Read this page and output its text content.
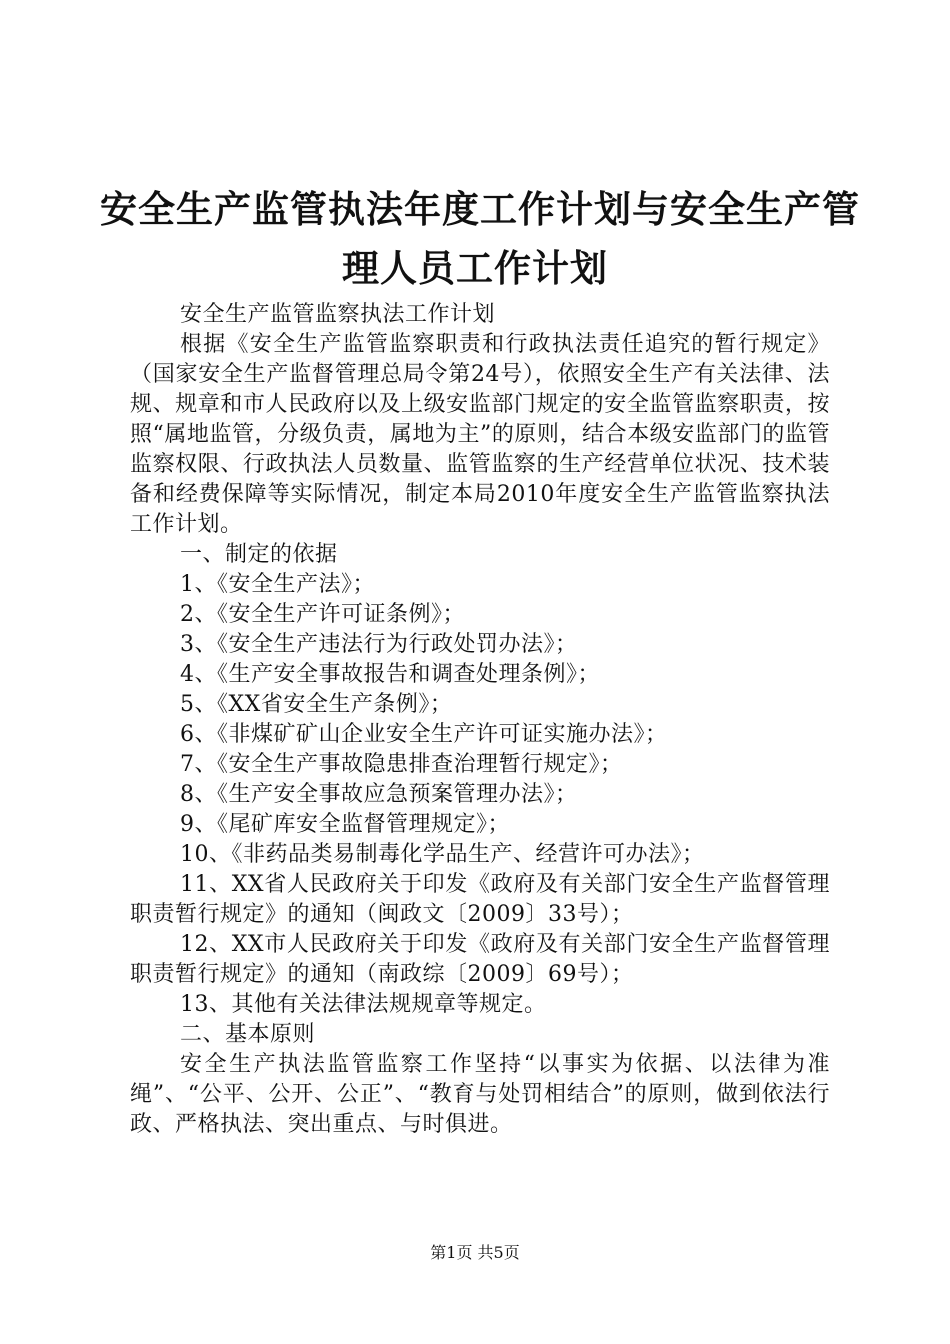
安全生产监管执法年度工作计划与安全生产管
理人员工作计划

安全生产监管监察执法工作计划

根据《安全生产监管监察职责和行政执法责任追究的暂行规定》（国家安全生产监督管理总局令第24号），依照安全生产有关法律、法规、规章和市人民政府以及上级安监部门规定的安全监管监察职责，按照“属地监管，分级负责，属地为主”的原则，结合本级安监部门的监管监察权限、行政执法人员数量、监管监察的生产经营单位状况、技术装备和经费保障等实际情况，制定本局2010年度安全生产监管监察执法工作计划。

一、制定的依据

1、《安全生产法》；

2、《安全生产许可证条例》；

3、《安全生产违法行为行政处罚办法》；

4、《生产安全事故报告和调查处理条例》；

5、《XX省安全生产条例》；

6、《非煤矿矿山企业安全生产许可证实施办法》；

7、《安全生产事故隐患排查治理暂行规定》；

8、《生产安全事故应急预案管理办法》；

9、《尾矿库安全监督管理规定》；

10、《非药品类易制毒化学品生产、经营许可办法》；

11、XX省人民政府关于印发《政府及有关部门安全生产监督管理职责暂行规定》的通知（闽政文〔2009〕33号）；

12、XX市人民政府关于印发《政府及有关部门安全生产监督管理职责暂行规定》的通知（南政综〔2009〕69号）；

13、其他有关法律法规规章等规定。

二、基本原则

安全生产执法监管监察工作坚持“以事实为依据、以法律为准绳”、“公平、公开、公正”、“教育与处罚相结合”的原则，做到依法行政、严格执法、突出重点、与时俱进。

第1页 共5页
